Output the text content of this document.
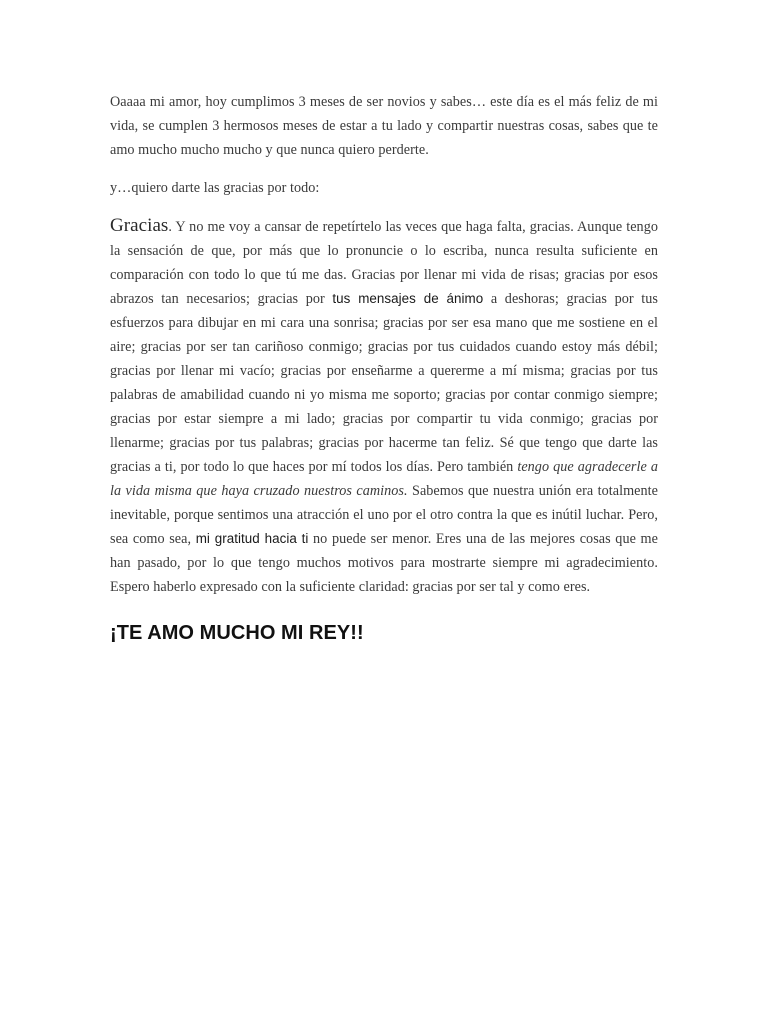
Oaaaa mi amor, hoy cumplimos 3 meses de ser novios y sabes… este día es el más feliz de mi vida, se cumplen 3 hermosos meses de estar a tu lado y compartir nuestras cosas, sabes que te amo mucho mucho mucho y que nunca quiero perderte.

y…quiero darte las gracias por todo:

Gracias. Y no me voy a cansar de repetírtelo las veces que haga falta, gracias. Aunque tengo la sensación de que, por más que lo pronuncie o lo escriba, nunca resulta suficiente en comparación con todo lo que tú me das. Gracias por llenar mi vida de risas; gracias por esos abrazos tan necesarios; gracias por tus mensajes de ánimo a deshoras; gracias por tus esfuerzos para dibujar en mi cara una sonrisa; gracias por ser esa mano que me sostiene en el aire; gracias por ser tan cariñoso conmigo; gracias por tus cuidados cuando estoy más débil; gracias por llenar mi vacío; gracias por enseñarme a quererme a mí misma; gracias por tus palabras de amabilidad cuando ni yo misma me soporto; gracias por contar conmigo siempre; gracias por estar siempre a mi lado; gracias por compartir tu vida conmigo; gracias por llenarme; gracias por tus palabras; gracias por hacerme tan feliz. Sé que tengo que darte las gracias a ti, por todo lo que haces por mí todos los días. Pero también tengo que agradecerle a la vida misma que haya cruzado nuestros caminos. Sabemos que nuestra unión era totalmente inevitable, porque sentimos una atracción el uno por el otro contra la que es inútil luchar. Pero, sea como sea, mi gratitud hacia ti no puede ser menor. Eres una de las mejores cosas que me han pasado, por lo que tengo muchos motivos para mostrarte siempre mi agradecimiento. Espero haberlo expresado con la suficiente claridad: gracias por ser tal y como eres.

¡TE AMO MUCHO MI REY!!
